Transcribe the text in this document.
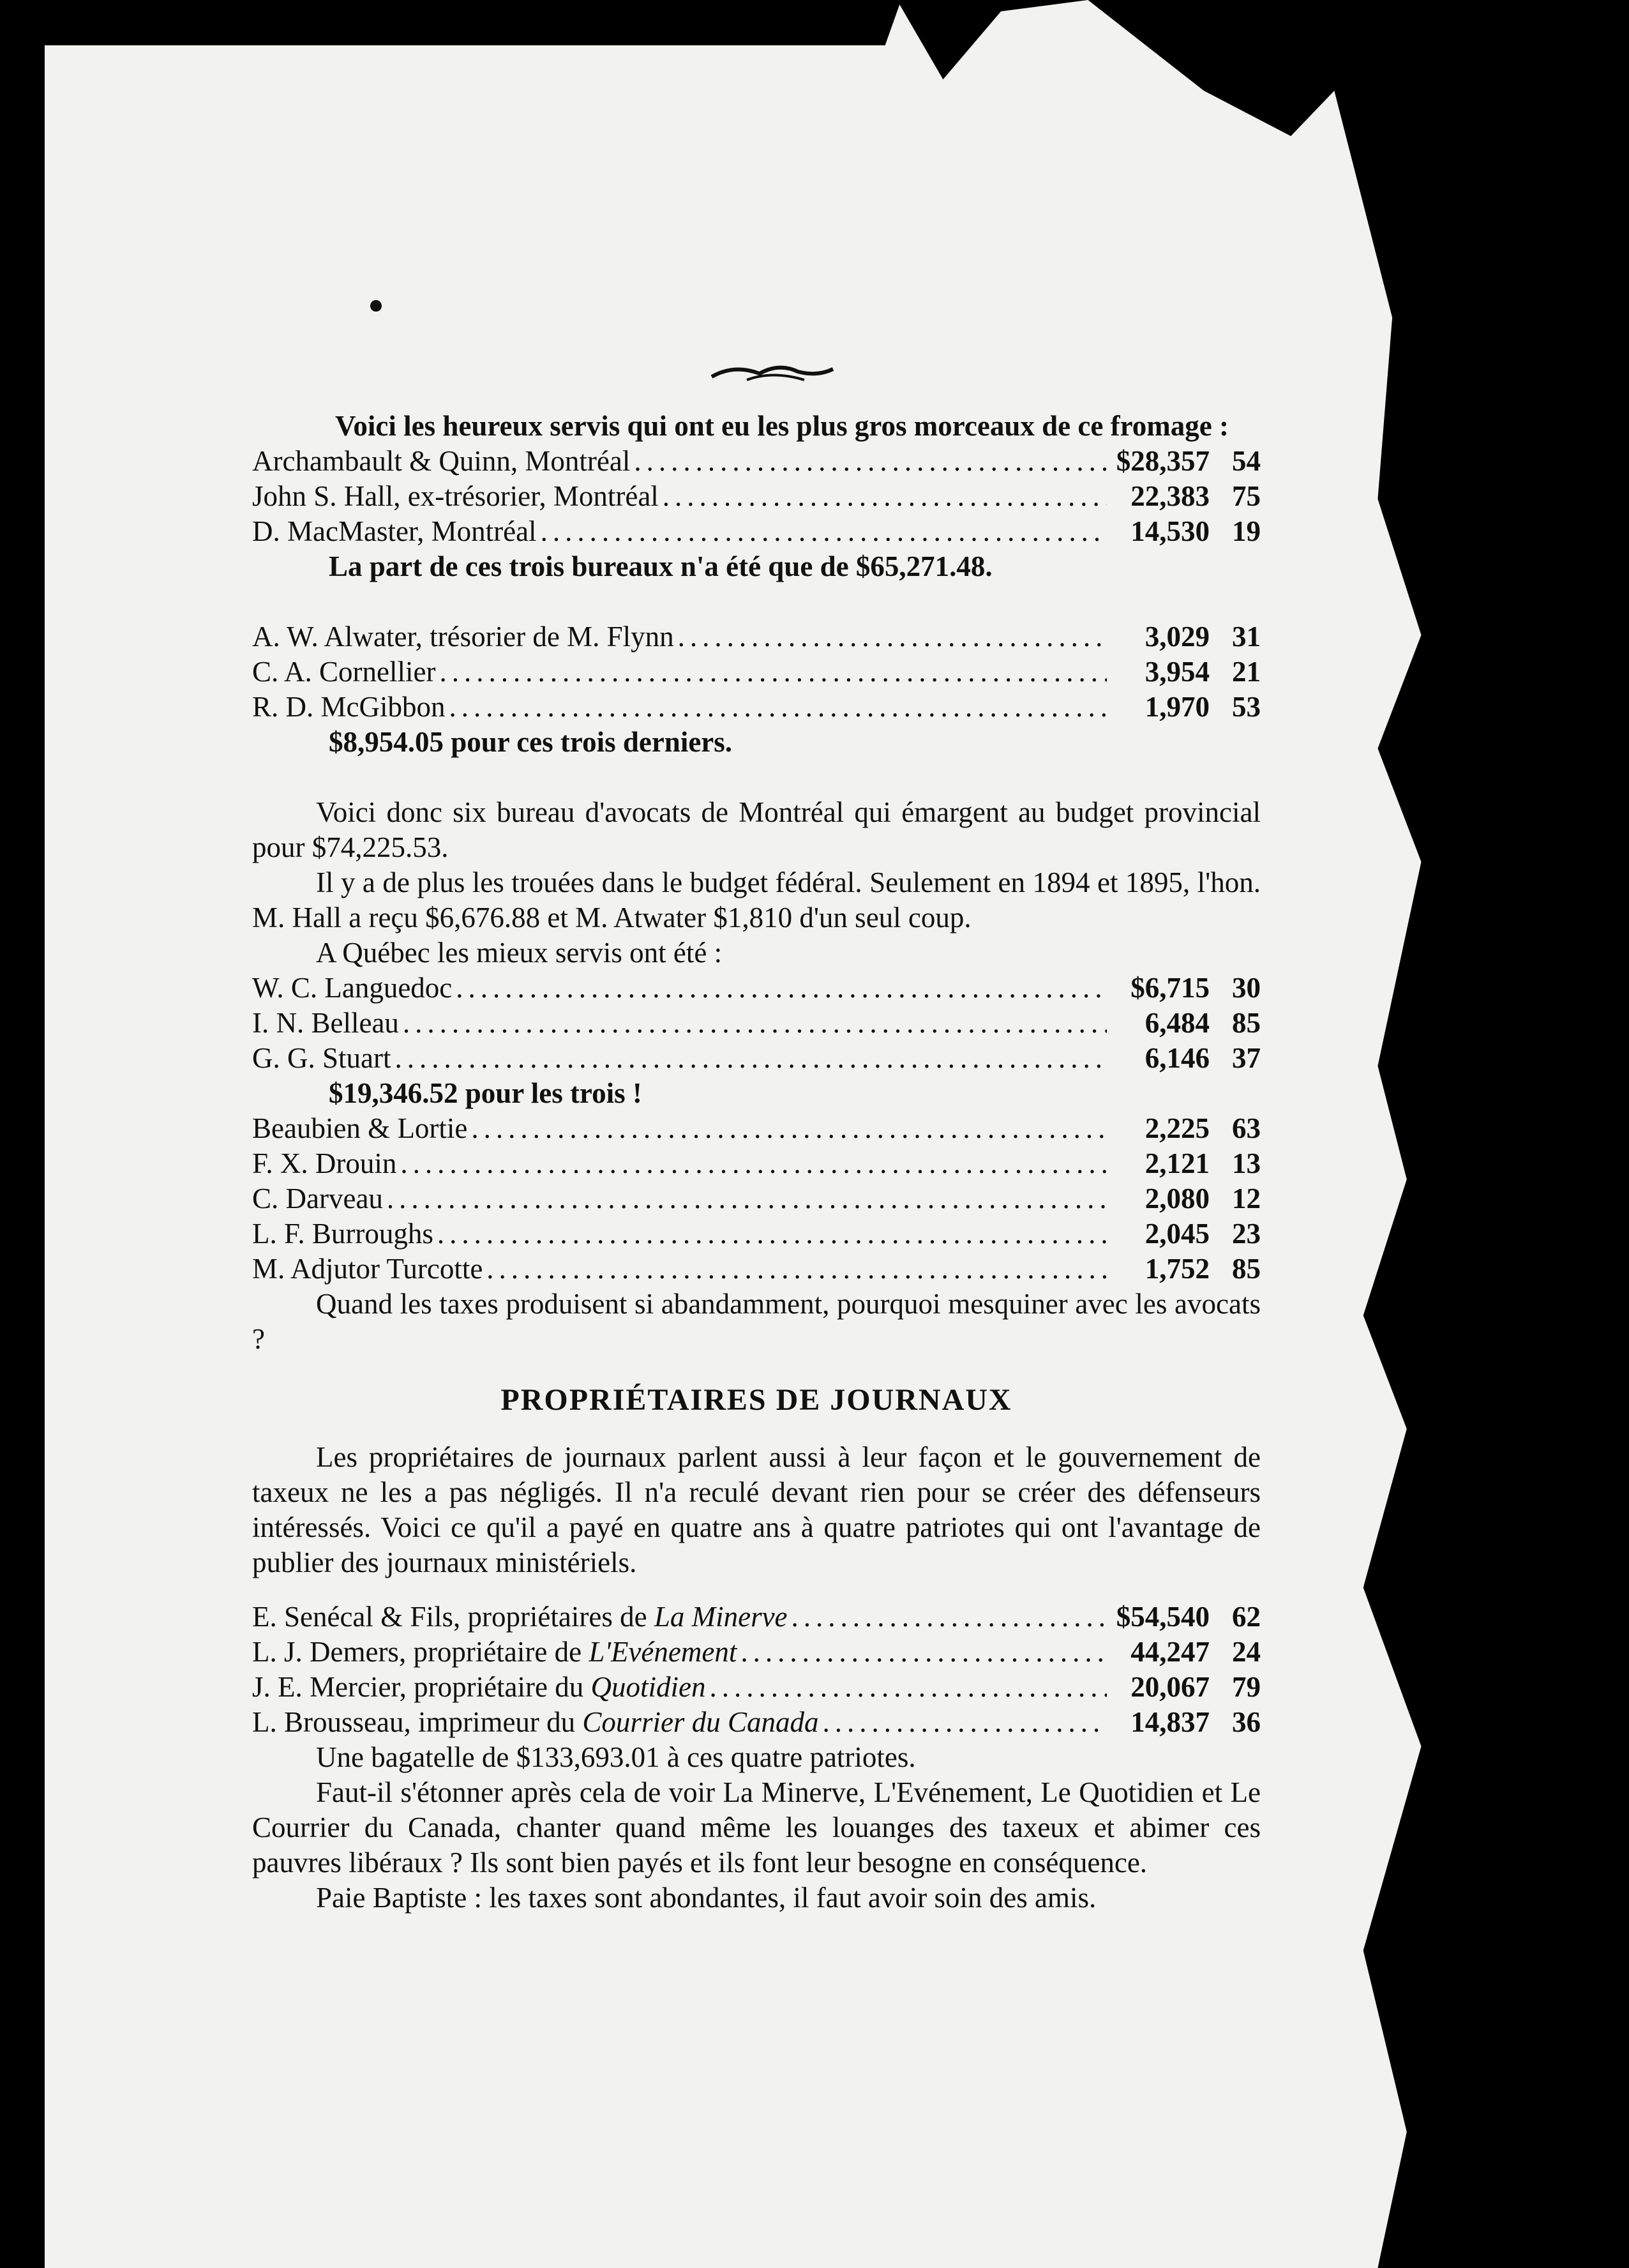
Voici les heureux servis qui ont eu les plus gros morceaux de ce fromage :

Archambault & Quinn, Montréal .....	$28,357 54
John S. Hall, ex-trésorier, Montréal .....	22,383 75
D. MacMaster, Montréal .....	14,530 19

La part de ces trois bureaux n'a été que de $65,271.48.

A. W. Alwater, trésorier de M. Flynn .....	3,029 31
C. A. Cornellier .....	3,954 21
R. D. McGibbon .....	1,970 53

$8,954.05 pour ces trois derniers.

Voici donc six bureau d'avocats de Montréal qui émargent au budget provincial pour $74,225.53.

Il y a de plus les trouées dans le budget fédéral. Seulement en 1894 et 1895, l'hon. M. Hall a reçu $6,676.88 et M. Atwater $1,810 d'un seul coup.

A Québec les mieux servis ont été :

W. C. Languedoc .....	$6,715 30
I. N. Belleau .....	6,484 85
G. G. Stuart .....	6,146 37

$19,346.52 pour les trois !

Beaubien & Lortie .....	2,225 63
F. X. Drouin .....	2,121 13
C. Darveau .....	2,080 12
L. F. Burroughs .....	2,045 23
M. Adjutor Turcotte .....	1,752 85

Quand les taxes produisent si abandamment, pourquoi mesquiner avec les avocats ?

PROPRIÉTAIRES DE JOURNAUX

Les propriétaires de journaux parlent aussi à leur façon et le gouvernement de taxeux ne les a pas négligés. Il n'a reculé devant rien pour se créer des défenseurs intéressés. Voici ce qu'il a payé en quatre ans à quatre patriotes qui ont l'avantage de publier des journaux ministériels.

E. Senécal & Fils, propriétaires de La Minerve .....	$54,540 62
L. J. Demers, propriétaire de L'Evénement .....	44,247 24
J. E. Mercier, propriétaire du Quotidien .....	20,067 79
L. Brousseau, imprimeur du Courrier du Canada .....	14,837 36

Une bagatelle de $133,693.01 à ces quatre patriotes.

Faut-il s'étonner après cela de voir La Minerve, L'Evénement, Le Quotidien et Le Courrier du Canada, chanter quand même les louanges des taxeux et abimer ces pauvres libéraux ? Ils sont bien payés et ils font leur besogne en conséquence.

Paie Baptiste : les taxes sont abondantes, il faut avoir soin des amis.
